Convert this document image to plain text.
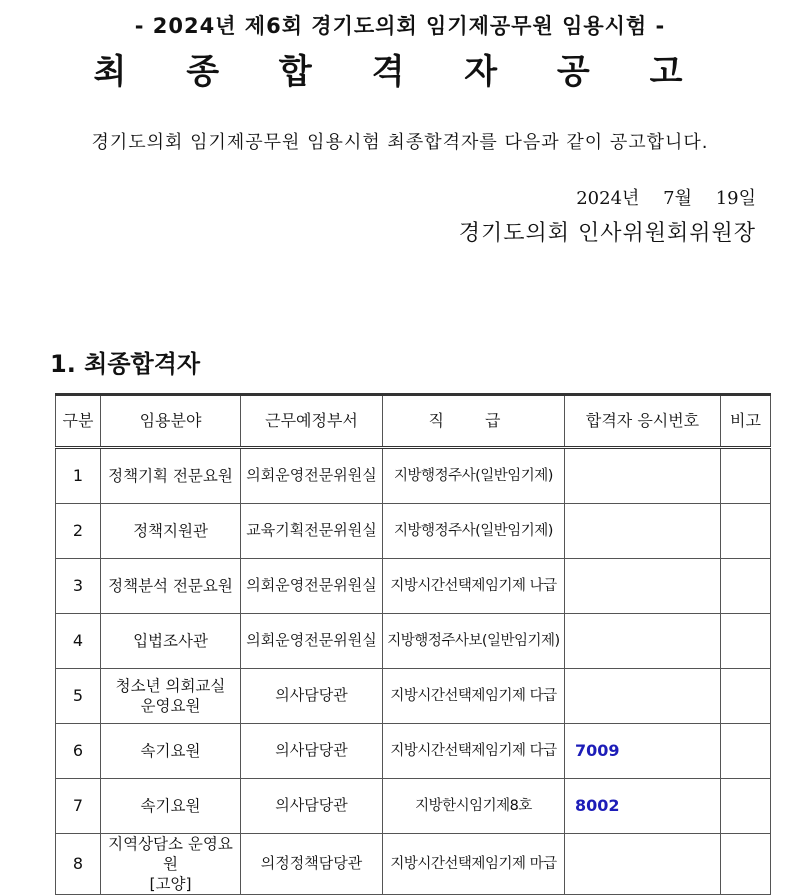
- 2024년 제6회 경기도의회 임기제공무원 임용시험 -
최 종 합 격 자 공 고
경기도의회 임기제공무원 임용시험 최종합격자를 다음과 같이 공고합니다.
2024년 7월 19일
경기도의회 인사위원회위원장
1. 최종합격자
구분	임용분야	근무예정부서	직 급	합격자 응시번호	비고
1	정책기획 전문요원	의회운영전문위원실	지방행정주사(일반임기제)		
2	정책지원관	교육기획전문위원실	지방행정주사(일반임기제)		
3	정책분석 전문요원	의회운영전문위원실	지방시간선택제임기제 나급		
4	입법조사관	의회운영전문위원실	지방행정주사보(일반임기제)		
5	청소년 의회교실
운영요원	의사담당관	지방시간선택제임기제 다급		
6	속기요원	의사담당관	지방시간선택제임기제 다급	7009	
7	속기요원	의사담당관	지방한시임기제8호	8002	
8	지역상담소 운영요원
[고양]	의정정책담당관	지방시간선택제임기제 마급		
